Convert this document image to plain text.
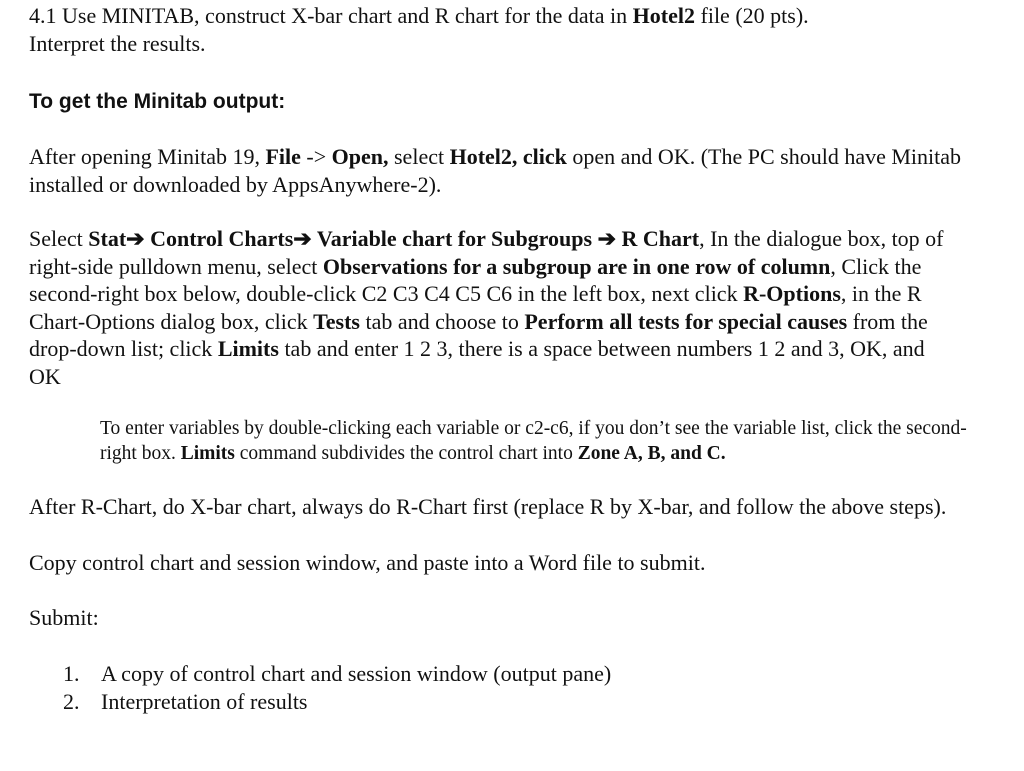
4.1 Use MINITAB, construct X-bar chart and R chart for the data in Hotel2 file (20 pts).
Interpret the results.

To get the Minitab output:

After opening Minitab 19, File -> Open, select Hotel2, click open and OK. (The PC should have Minitab installed or downloaded by AppsAnywhere-2).

Select Stat➔ Control Charts➔ Variable chart for Subgroups ➔ R Chart, In the dialogue box, top of right-side pulldown menu, select Observations for a subgroup are in one row of column, Click the second-right box below, double-click C2 C3 C4 C5 C6 in the left box, next click R-Options, in the R Chart-Options dialog box, click Tests tab and choose to Perform all tests for special causes from the drop-down list; click Limits tab and enter 1 2 3, there is a space between numbers 1 2 and 3, OK, and OK

To enter variables by double-clicking each variable or c2-c6, if you don’t see the variable list, click the second-right box. Limits command subdivides the control chart into Zone A, B, and C.

After R-Chart, do X-bar chart, always do R-Chart first (replace R by X-bar, and follow the above steps).

Copy control chart and session window, and paste into a Word file to submit.

Submit:

1. A copy of control chart and session window (output pane)
2. Interpretation of results
